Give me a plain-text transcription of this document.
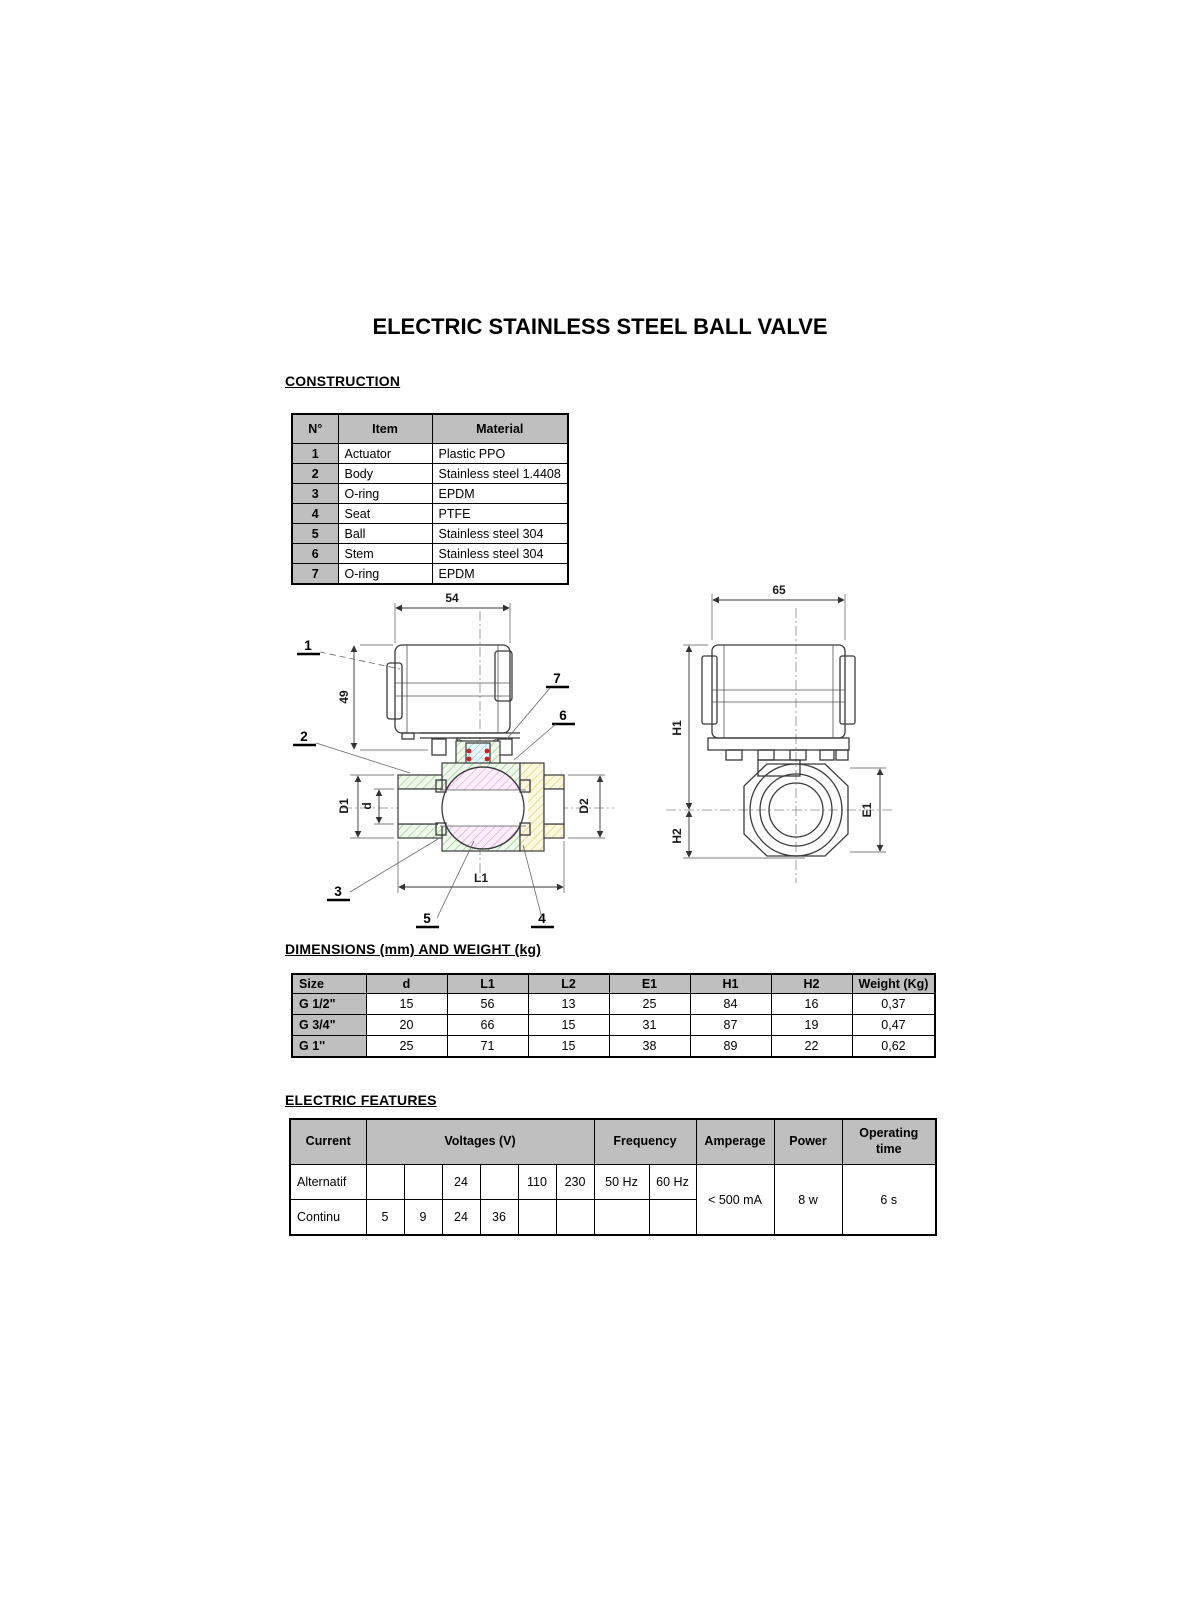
ELECTRIC STAINLESS STEEL BALL VALVE
CONSTRUCTION
N°	Item	Material
1	Actuator	Plastic PPO
2	Body	Stainless steel 1.4408
3	O-ring	EPDM
4	Seat	PTFE
5	Ball	Stainless steel 304
6	Stem	Stainless steel 304
7	O-ring	EPDM
54
49
D1 d	D2
L1
1
2
3
5	4
7
6
65
H1
H2
E1
DIMENSIONS (mm) AND WEIGHT (kg)
Size	d	L1	L2	E1	H1	H2	Weight (Kg)
G 1/2"	15	56	13	25	84	16	0,37
G 3/4"	20	66	15	31	87	19	0,47
G 1''	25	71	15	38	89	22	0,62
ELECTRIC FEATURES
Current	Voltages (V)						Frequency		Amperage	Power	Operating time
Alternatif			24		110	230	50 Hz	60 Hz	< 500 mA	8 w	6 s
Continu	5	9	24	36							
